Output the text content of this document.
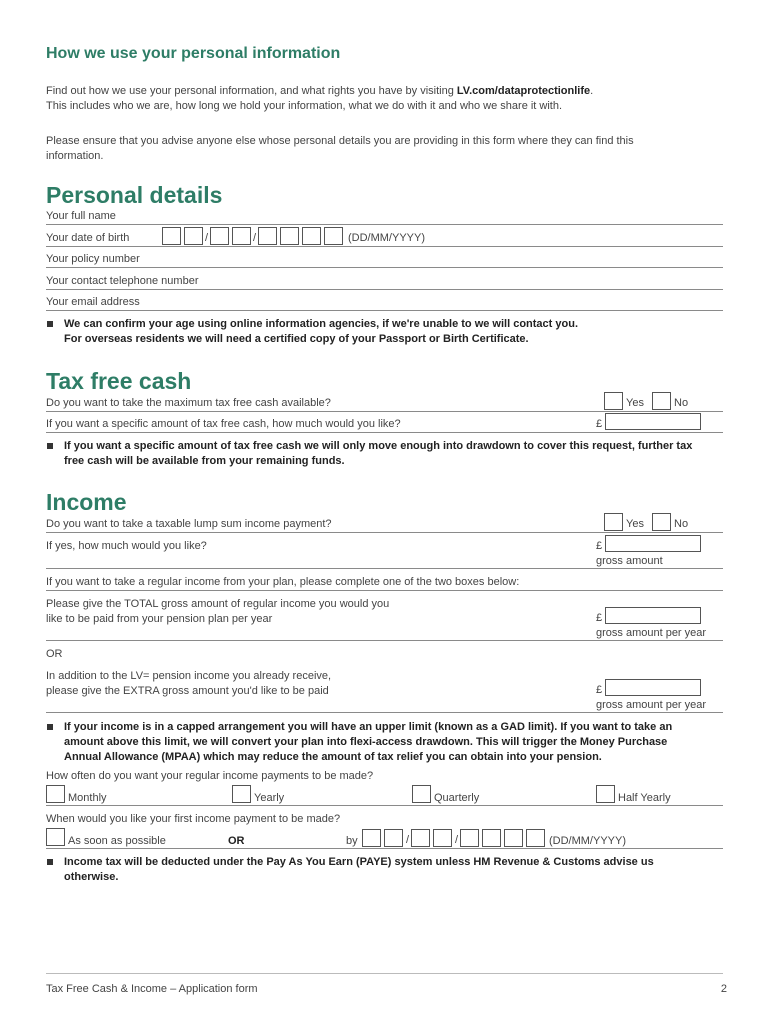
How we use your personal information
Find out how we use your personal information, and what rights you have by visiting LV.com/dataprotectionlife.
This includes who we are, how long we hold your information, what we do with it and who we share it with.
Please ensure that you advise anyone else whose personal details you are providing in this form where they can find this
information.
Personal details
Your full name
Your date of birth	/	/	(DD/MM/YYYY)
Your policy number
Your contact telephone number
Your email address
We can confirm your age using online information agencies, if we're unable to we will contact you.
For overseas residents we will need a certified copy of your Passport or Birth Certificate.
Tax free cash
Do you want to take the maximum tax free cash available?	Yes	No
If you want a specific amount of tax free cash, how much would you like?	£
If you want a specific amount of tax free cash we will only move enough into drawdown to cover this request, further tax
free cash will be available from your remaining funds.
Income
Do you want to take a taxable lump sum income payment?	Yes	No
If yes, how much would you like?	£
gross amount
If you want to take a regular income from your plan, please complete one of the two boxes below:
Please give the TOTAL gross amount of regular income you would you
like to be paid from your pension plan per year	£
gross amount per year
OR
In addition to the LV= pension income you already receive,
please give the EXTRA gross amount you'd like to be paid	£
gross amount per year
If your income is in a capped arrangement you will have an upper limit (known as a GAD limit). If you want to take an
amount above this limit, we will convert your plan into flexi-access drawdown. This will trigger the Money Purchase
Annual Allowance (MPAA) which may reduce the amount of tax relief you can obtain into your pension.
How often do you want your regular income payments to be made?
Monthly	Yearly	Quarterly	Half Yearly
When would you like your first income payment to be made?
As soon as possible	OR	by	/	/	(DD/MM/YYYY)
Income tax will be deducted under the Pay As You Earn (PAYE) system unless HM Revenue & Customs advise us
otherwise.
Tax Free Cash & Income – Application form	2
